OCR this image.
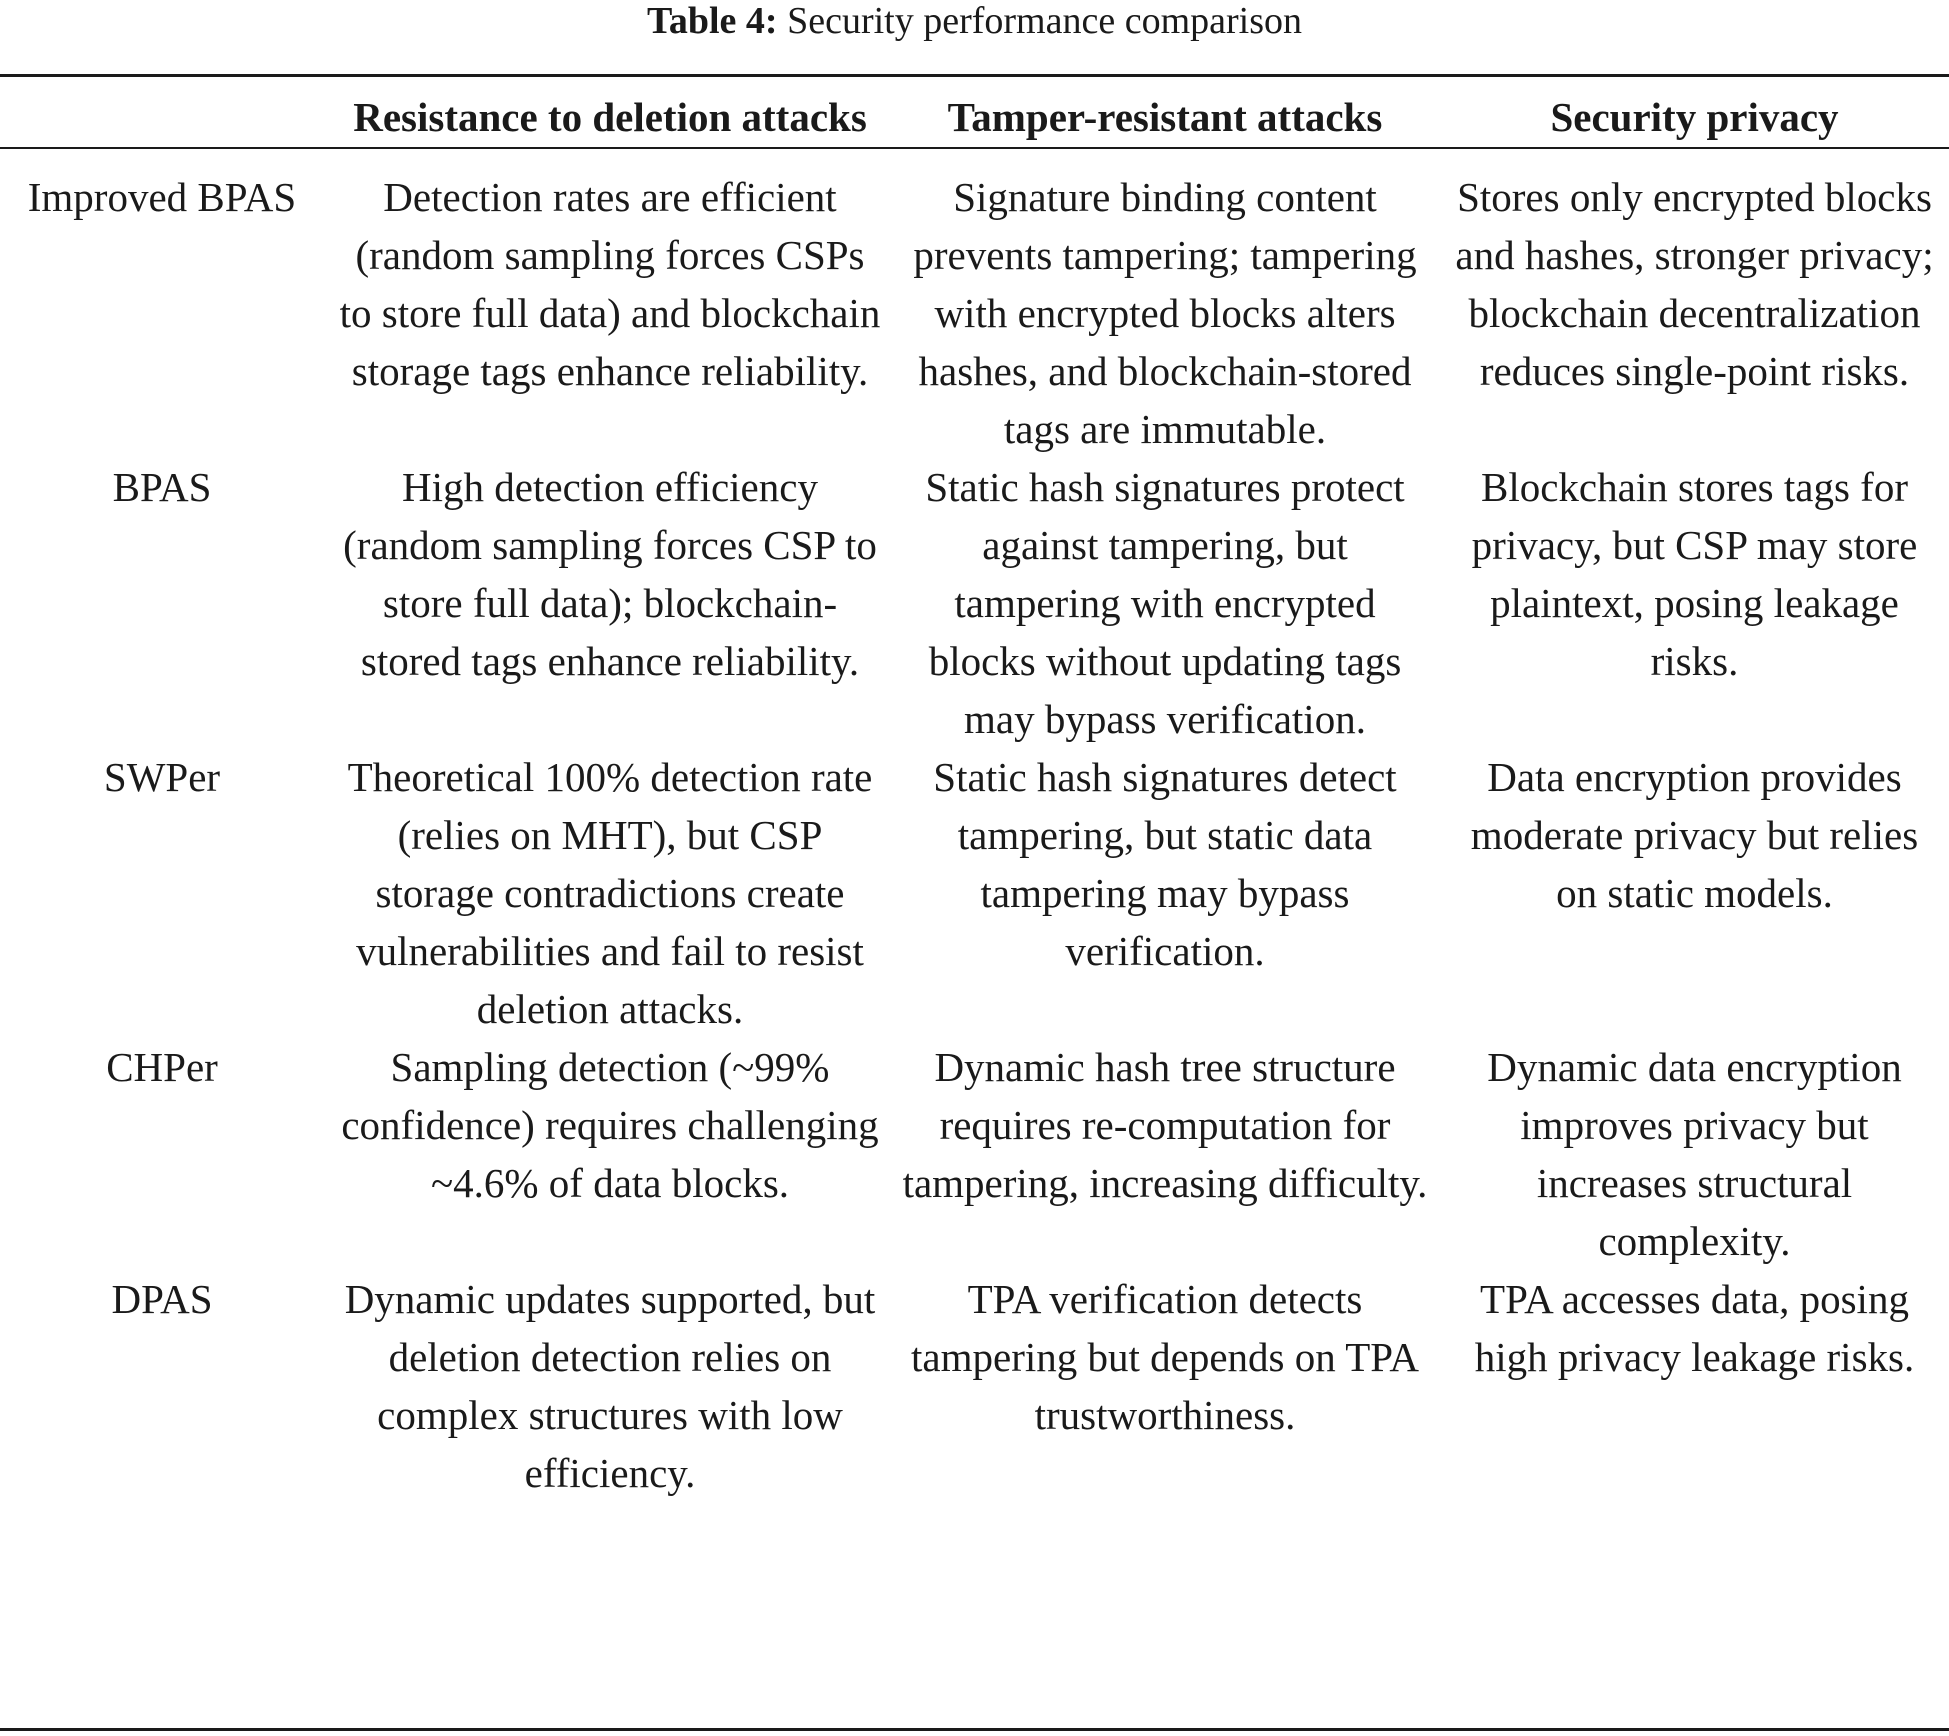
Table 4: Security performance comparison
	Resistance to deletion attacks	Tamper-resistant attacks	Security privacy
Improved BPAS	Detection rates are efficient (random sampling forces CSPs to store full data) and blockchain storage tags enhance reliability.	Signature binding content prevents tampering; tampering with encrypted blocks alters hashes, and blockchain-stored tags are immutable.	Stores only encrypted blocks and hashes, stronger privacy; blockchain decentralization reduces single-point risks.
BPAS	High detection efficiency (random sampling forces CSP to store full data); blockchain-stored tags enhance reliability.	Static hash signatures protect against tampering, but tampering with encrypted blocks without updating tags may bypass verification.	Blockchain stores tags for privacy, but CSP may store plaintext, posing leakage risks.
SWPer	Theoretical 100% detection rate (relies on MHT), but CSP storage contradictions create vulnerabilities and fail to resist deletion attacks.	Static hash signatures detect tampering, but static data tampering may bypass verification.	Data encryption provides moderate privacy but relies on static models.
CHPer	Sampling detection (~99% confidence) requires challenging ~4.6% of data blocks.	Dynamic hash tree structure requires re-computation for tampering, increasing difficulty.	Dynamic data encryption improves privacy but increases structural complexity.
DPAS	Dynamic updates supported, but deletion detection relies on complex structures with low efficiency.	TPA verification detects tampering but depends on TPA trustworthiness.	TPA accesses data, posing high privacy leakage risks.
